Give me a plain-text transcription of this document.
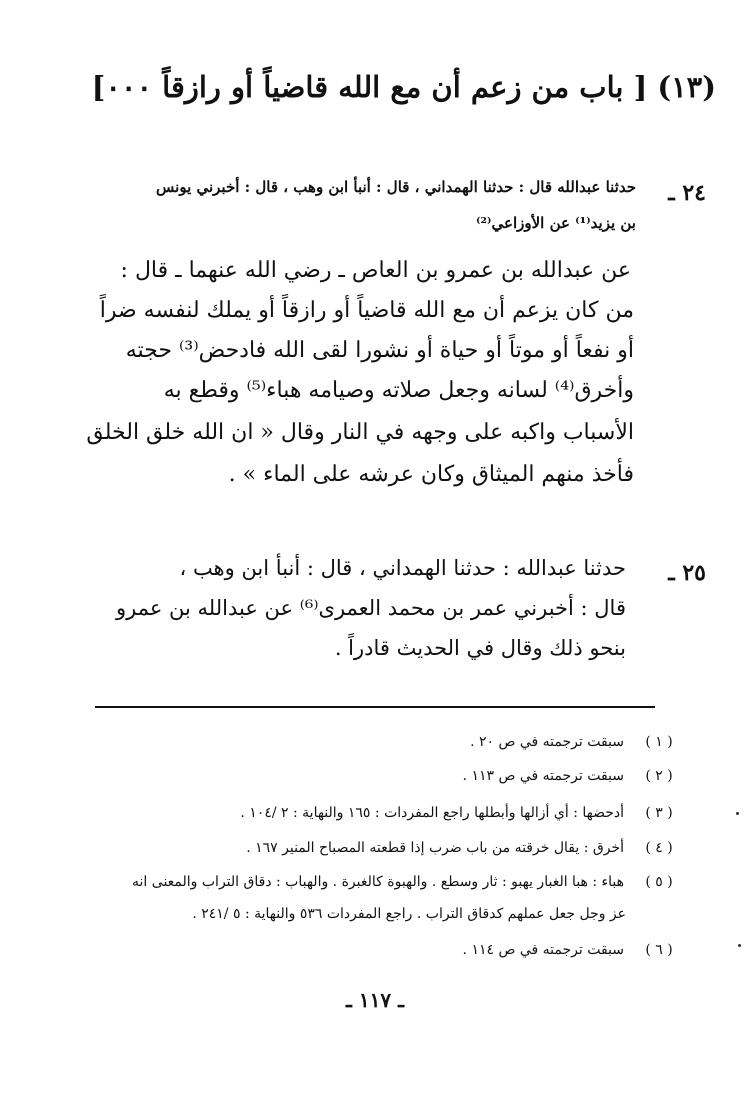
(١٣) [ باب من زعم أن مع الله قاضياً أو رازقاً ٠٠٠]
٢٤ ـ
حدثنا عبدالله قال : حدثنا الهمداني ، قال : أنبأ ابن وهب ، قال : أخبرني يونس
بن يزيد⁽¹⁾ عن الأوزاعي⁽²⁾
عن عبدالله بن عمرو بن العاص ـ رضي الله عنهما ـ قال :
من كان يزعم أن مع الله قاضياً أو رازقاً أو يملك لنفسه ضراً
أو نفعاً أو موتاً أو حياة أو نشورا لقى الله فادحض⁽³⁾ حجته
وأخرق⁽⁴⁾ لسانه وجعل صلاته وصيامه هباء⁽⁵⁾ وقطع به
الأسباب واكبه على وجهه في النار وقال « ان الله خلق الخلق
فأخذ منهم الميثاق وكان عرشه على الماء » .
٢٥ ـ
حدثنا عبدالله : حدثنا الهمداني ، قال : أنبأ ابن وهب ،
قال : أخبرني عمر بن محمد العمرى⁽⁶⁾ عن عبدالله بن عمرو
بنحو ذلك وقال في الحديث قادراً .
( ١ )سبقت ترجمته في ص ٢٠ .
( ٢ )سبقت ترجمته في ص ١١٣ .
( ٣ )أدحضها : أي أزالها وأبطلها راجع المفردات : ١٦٥ والنهاية : ٢ /١٠٤ .
( ٤ )أخرق : يقال خرقته من باب ضرب إذا قطعته المصباح المنير ١٦٧ .
( ٥ )هباء : هبا الغبار يهبو : ثار وسطع . والهبوة كالغبرة . والهباب : دقاق التراب والمعنى انه
عز وجل جعل عملهم كدقاق التراب . راجع المفردات ٥٣٦ والنهاية : ٥ /٢٤١ .
( ٦ )سبقت ترجمته في ص ١١٤ .
ـ ١١٧ ـ
